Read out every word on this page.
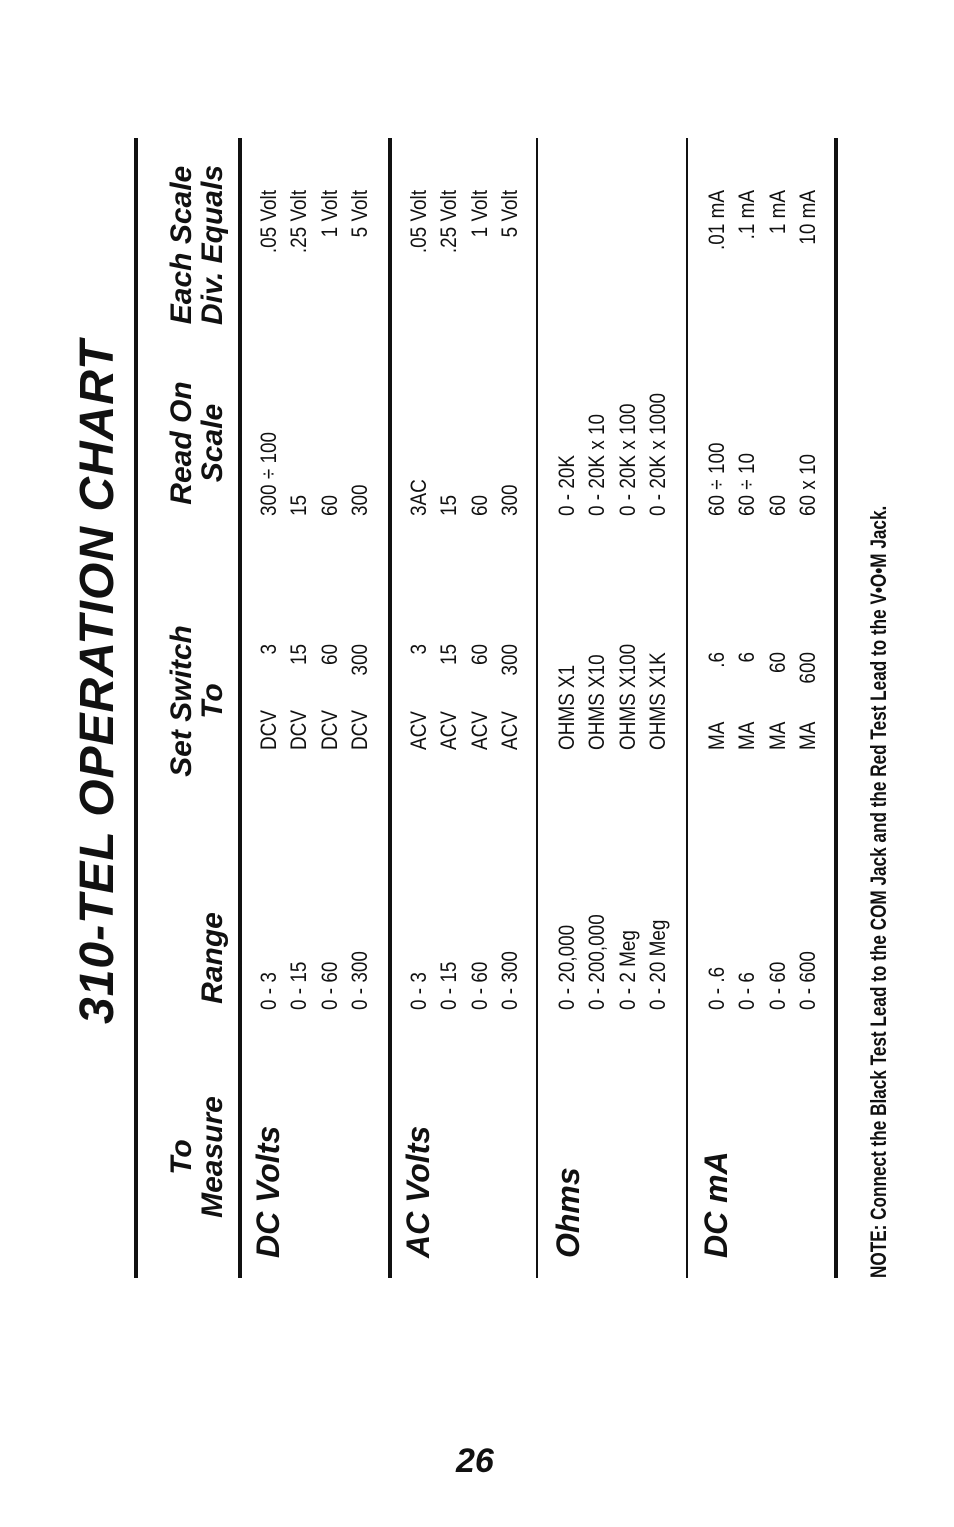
310-TEL OPERATION CHART
To
Measure
Range
Set Switch
To
Read On
Scale
Each Scale
Div. Equals
DC Volts
0 - 3
0 - 15
0 - 60
0 - 300
DCV
DCV
DCV
DCV
3
15
60
300
300 ÷ 100
15
60
300
.05 Volt
.25 Volt
1 Volt
5 Volt
AC Volts
0 - 3
0 - 15
0 - 60
0 - 300
ACV
ACV
ACV
ACV
3
15
60
300
3AC
15
60
300
.05 Volt
.25 Volt
1 Volt
5 Volt
Ohms
0 - 20,000
0 - 200,000
0 - 2 Meg
0 - 20 Meg
OHMS X1
OHMS X10
OHMS X100
OHMS X1K
0 - 20K
0 - 20K x 10
0 - 20K x 100
0 - 20K x 1000
DC mA
0 - .6
0 - 6
0 - 60
0 - 600
MA
MA
MA
MA
.6
6
60
600
60 ÷ 100
60 ÷ 10
60
60 x 10
.01 mA
.1 mA
1 mA
10 mA
NOTE: Connect the Black Test Lead to the COM Jack and the Red Test Lead to the V•O•M Jack.
26
